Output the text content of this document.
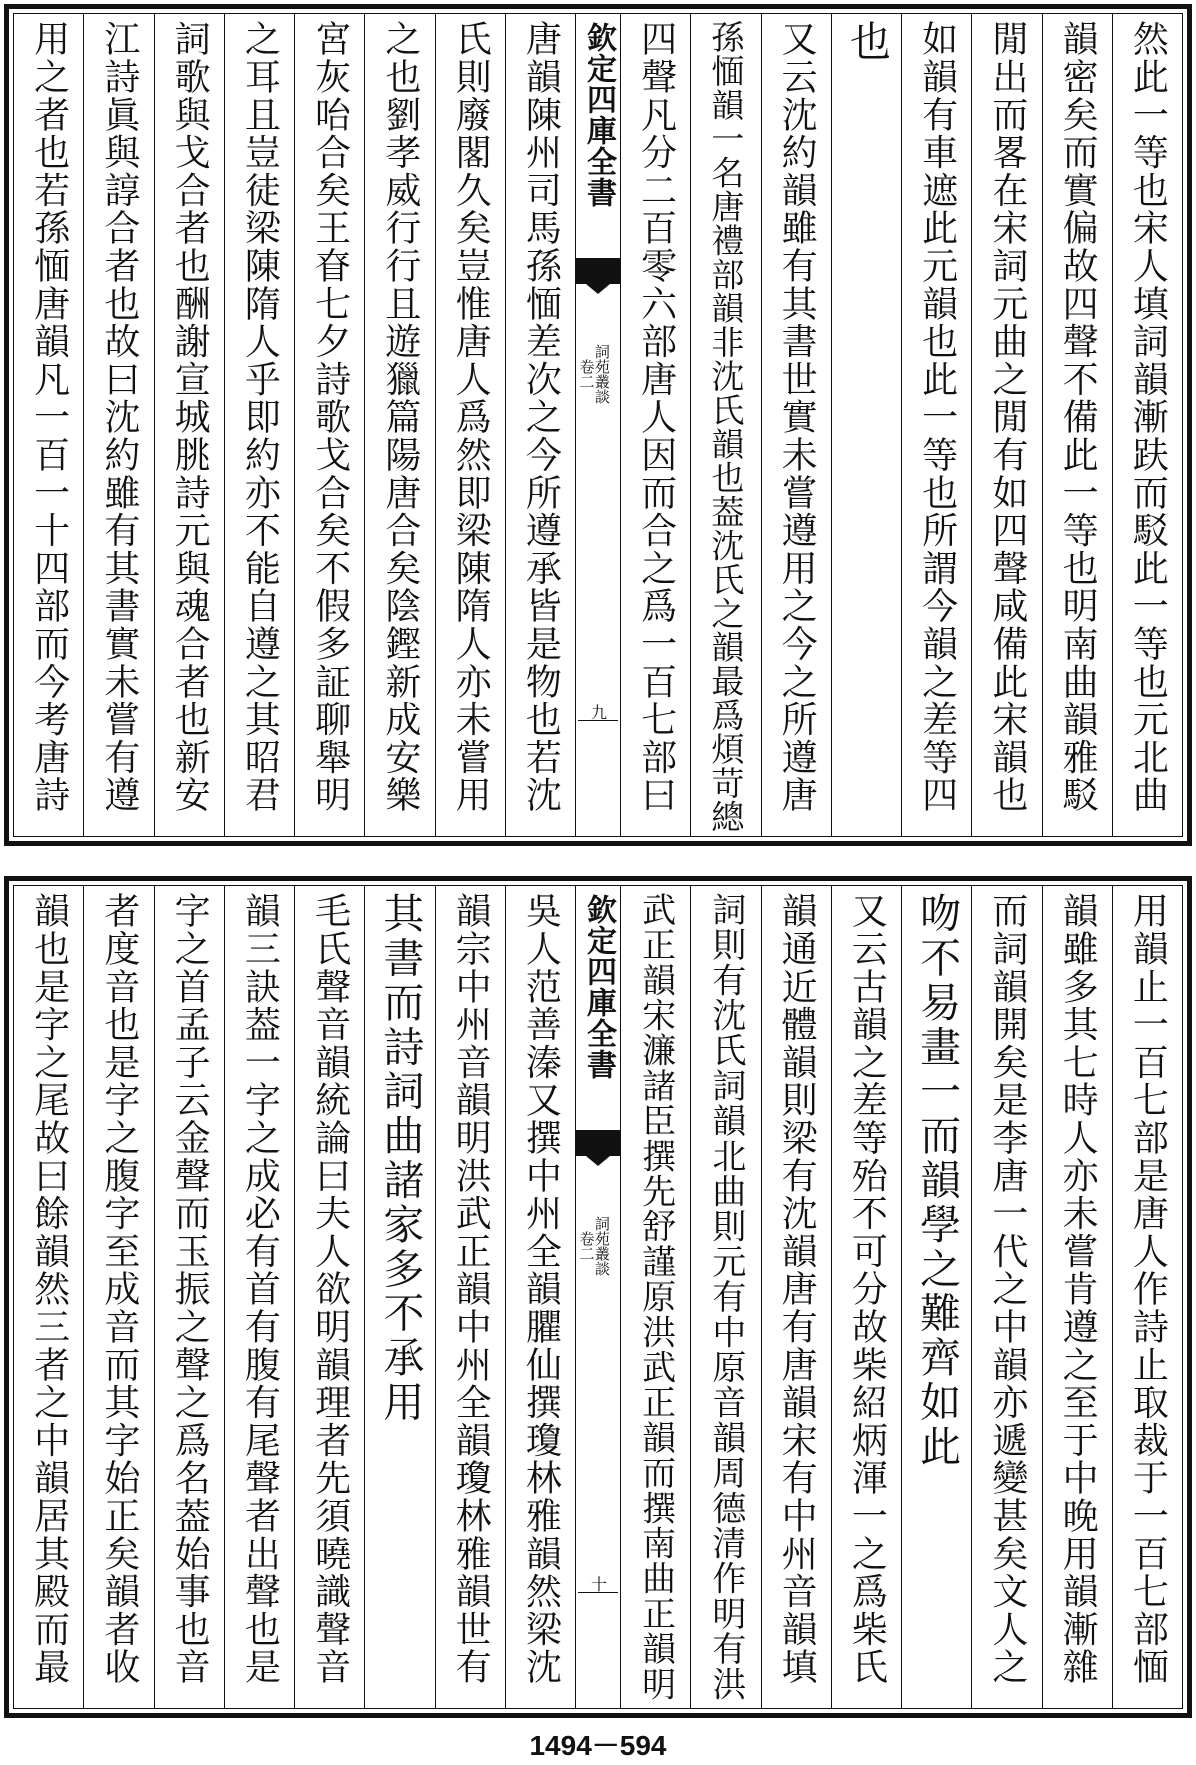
然此一等也宋人填詞韻漸趺而駁此一等也元北曲
韻密矣而實偏故四聲不備此一等也明南曲韻雅駁
閒出而畧在宋詞元曲之閒有如四聲咸備此宋韻也
如韻有車遮此元韻也此一等也所謂今韻之差等四
也
又云沈約韻雖有其書世實未嘗遵用之今之所遵唐
孫愐韻一名唐禮部韻非沈氏韻也葢沈氏之韻最爲煩苛總
四聲凡分二百零六部唐人因而合之爲一百七部曰
欽定四庫全書
詞苑叢談
卷二
九
唐韻陳州司馬孫愐差次之今所遵承皆是物也若沈
氏則廢閣久矣豈惟唐人爲然即梁陳隋人亦未嘗用
之也劉孝威行行且遊獵篇陽唐合矣陰鏗新成安樂
宮灰咍合矣王眘七夕詩歌戈合矣不假多証聊舉明
之耳且豈徒梁陳隋人乎即約亦不能自遵之其昭君
詞歌與戈合者也酬謝宣城朓詩元與魂合者也新安
江詩眞與諄合者也故曰沈約雖有其書實未嘗有遵
用之者也若孫愐唐韻凡一百一十四部而今考唐詩
用韻止一百七部是唐人作詩止取裁于一百七部愐
韻雖多其七時人亦未嘗肯遵之至于中晚用韻漸雜
而詞韻開矣是李唐一代之中韻亦遞變甚矣文人之
吻不易畫一而韻學之難齊如此
又云古韻之差等殆不可分故柴紹炳渾一之爲柴氏
韻通近體韻則梁有沈韻唐有唐韻宋有中州音韻填
詞則有沈氏詞韻北曲則元有中原音韻周德清作明有洪
武正韻宋濂諸臣撰先舒謹原洪武正韻而撰南曲正韻明
欽定四庫全書
詞苑叢談
卷二
十
吳人范善溱又撰中州全韻臞仙撰瓊林雅韻然梁沈
韻宗中州音韻明洪武正韻中州全韻瓊林雅韻世有
其書而詩詞曲諸家多不承用
毛氏聲音韻統論曰夫人欲明韻理者先須曉識聲音
韻三訣葢一字之成必有首有腹有尾聲者出聲也是
字之首孟子云金聲而玉振之聲之爲名葢始事也音
者度音也是字之腹字至成音而其字始正矣韻者收
韻也是字之尾故曰餘韻然三者之中韻居其殿而最
1494－594
